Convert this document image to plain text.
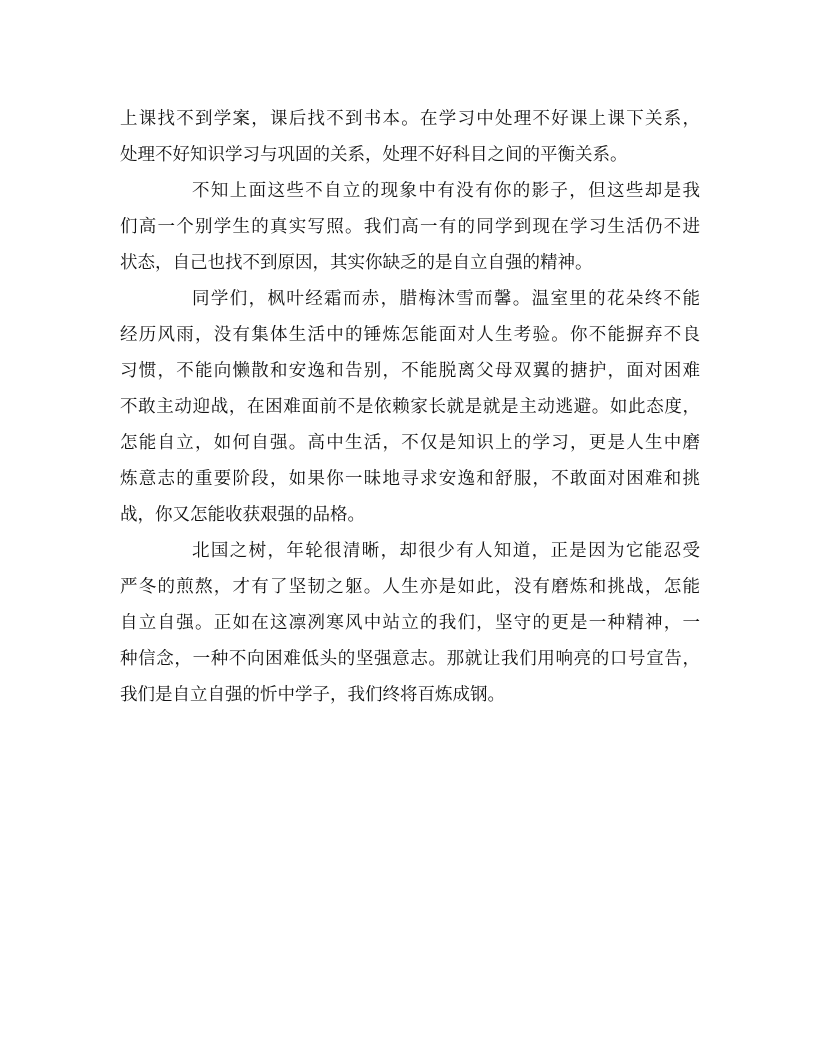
上课找不到学案，课后找不到书本。在学习中处理不好课上课下关系，
处理不好知识学习与巩固的关系，处理不好科目之间的平衡关系。
不知上面这些不自立的现象中有没有你的影子，但这些却是我
们高一个别学生的真实写照。我们高一有的同学到现在学习生活仍不进
状态，自己也找不到原因，其实你缺乏的是自立自强的精神。
同学们，枫叶经霜而赤，腊梅沐雪而馨。温室里的花朵终不能
经历风雨，没有集体生活中的锤炼怎能面对人生考验。你不能摒弃不良
习惯，不能向懒散和安逸和告别，不能脱离父母双翼的搪护，面对困难
不敢主动迎战，在困难面前不是依赖家长就是就是主动逃避。如此态度，
怎能自立，如何自强。高中生活，不仅是知识上的学习，更是人生中磨
炼意志的重要阶段，如果你一昧地寻求安逸和舒服，不敢面对困难和挑
战，你又怎能收获艰强的品格。
北国之树，年轮很清晰，却很少有人知道，正是因为它能忍受
严冬的煎熬，才有了坚韧之躯。人生亦是如此，没有磨炼和挑战，怎能
自立自强。正如在这凛冽寒风中站立的我们，坚守的更是一种精神，一
种信念，一种不向困难低头的坚强意志。那就让我们用响亮的口号宣告，
我们是自立自强的忻中学子，我们终将百炼成钢。
